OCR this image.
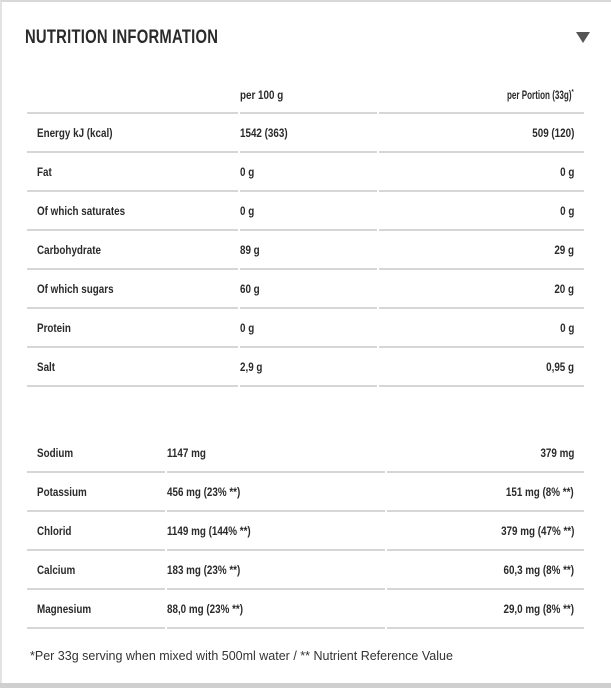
NUTRITION INFORMATION
	per 100 g	per Portion (33g)*
Energy kJ (kcal)	1542 (363)	509 (120)
Fat	0 g	0 g
Of which saturates	0 g	0 g
Carbohydrate	89 g	29 g
Of which sugars	60 g	20 g
Protein	0 g	0 g
Salt	2,9 g	0,95 g
Sodium	1147 mg	379 mg
Potassium	456 mg (23% **)	151 mg (8% **)
Chlorid	1149 mg (144% **)	379 mg (47% **)
Calcium	183 mg (23% **)	60,3 mg (8% **)
Magnesium	88,0 mg (23% **)	29,0 mg (8% **)
*Per 33g serving when mixed with 500ml water / ** Nutrient Reference Value
